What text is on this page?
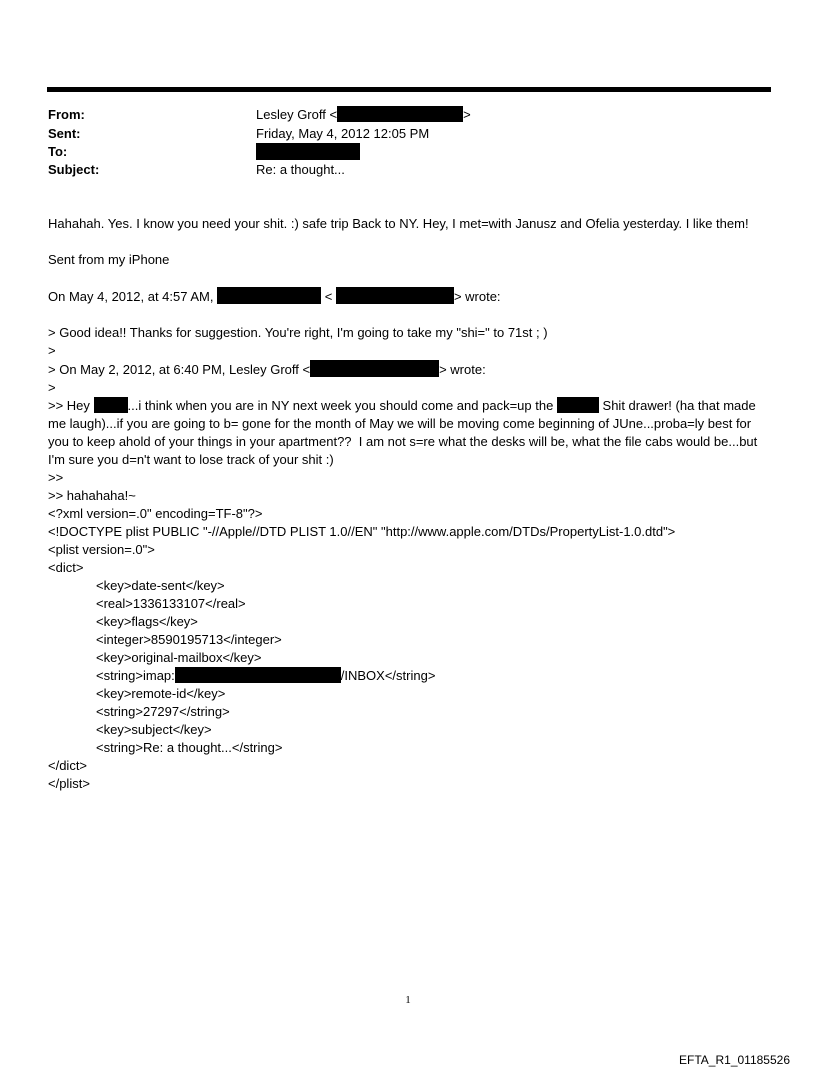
From:	Lesley Groff <	>
Sent:	Friday, May 4, 2012 12:05 PM
To:
Subject:	Re: a thought...

Hahahah. Yes. I know you need your shit. :) safe trip Back to NY. Hey, I met=with Janusz and Ofelia yesterday. I like them!

Sent from my iPhone

On May 4, 2012, at 4:57 AM,	<	> wrote:

> Good idea!! Thanks for suggestion. You're right, I'm going to take my "shi=" to 71st ; )

>

> On May 2, 2012, at 6:40 PM, Lesley Groff <	> wrote:

>

>> Hey	...i think when you are in NY next week you should come and pack=up the	Shit drawer! (ha that made me laugh)...if you are going to b= gone for the month of May we will be moving come beginning of JUne...proba=ly best for you to keep ahold of your things in your apartment??  I am not s=re what the desks will be, what the file cabs would be...but I'm sure you d=n't want to lose track of your shit :)

>>

>> hahahaha!~

<?xml version=.0" encoding=TF-8"?>

<!DOCTYPE plist PUBLIC "-//Apple//DTD PLIST 1.0//EN" "http://www.apple.com/DTDs/PropertyList-1.0.dtd">

<plist version=.0">

<dict>

<key>date-sent</key>

<real>1336133107</real>

<key>flags</key>

<integer>8590195713</integer>

<key>original-mailbox</key>

<string>imap:	/INBOX</string>

<key>remote-id</key>

<string>27297</string>

<key>subject</key>

<string>Re: a thought...</string>

</dict>

</plist>

1
EFTA_R1_01185526
